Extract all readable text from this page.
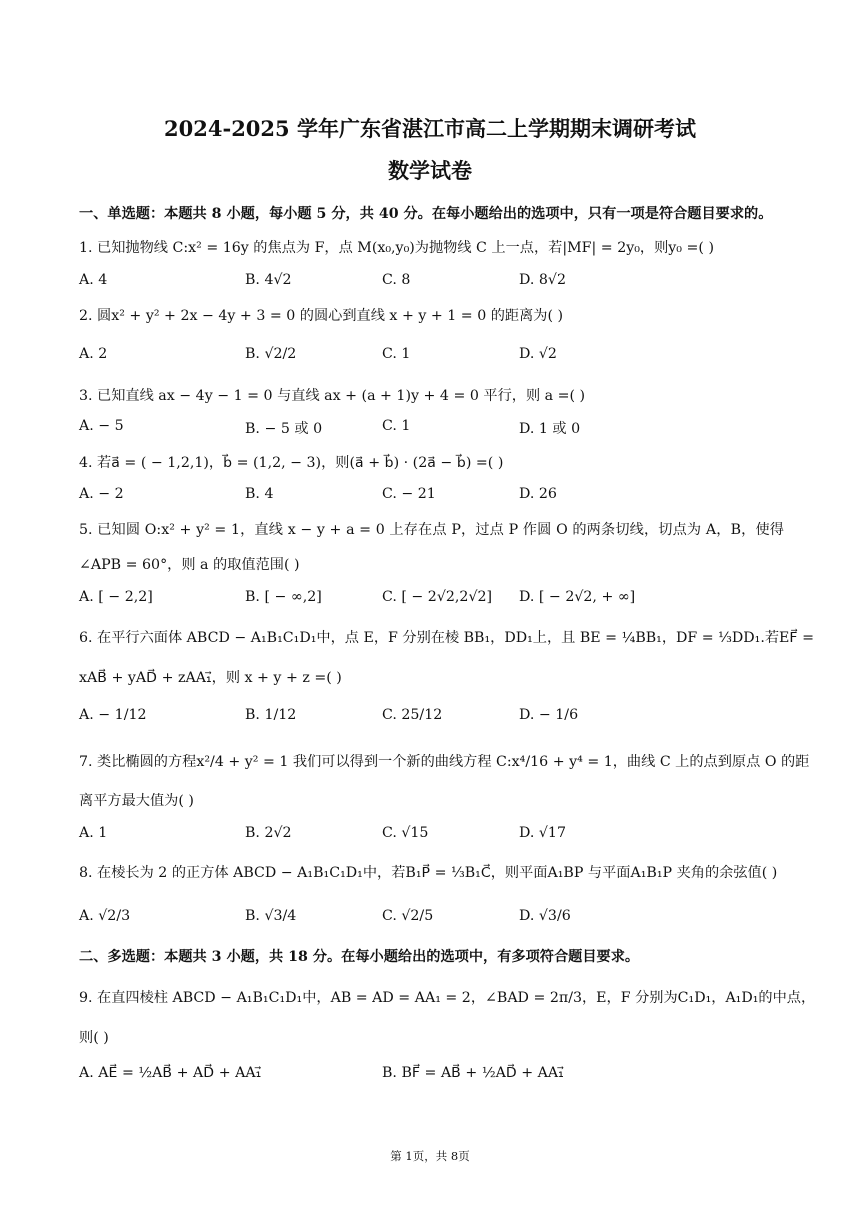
2024-2025 学年广东省湛江市高二上学期期末调研考试
数学试卷
一、单选题：本题共 8 小题，每小题 5 分，共 40 分。在每小题给出的选项中，只有一项是符合题目要求的。
1. 已知抛物线 C:x² = 16y 的焦点为 F，点 M(x₀,y₀)为抛物线 C 上一点，若|MF| = 2y₀，则y₀ =( )
A. 4	B. 4√2	C. 8	D. 8√2
2. 圆x² + y² + 2x − 4y + 3 = 0 的圆心到直线 x + y + 1 = 0 的距离为( )
A. 2	B. √2/2	C. 1	D. √2
3. 已知直线 ax − 4y − 1 = 0 与直线 ax + (a + 1)y + 4 = 0 平行，则 a =( )
A. − 5	B. − 5 或 0	C. 1	D. 1 或 0
4. 若a⃗ = ( − 1,2,1)，b⃗ = (1,2, − 3)，则(a⃗ + b⃗) · (2a⃗ − b⃗) =( )
A. − 2	B. 4	C. − 21	D. 26
5. 已知圆 O:x² + y² = 1，直线 x − y + a = 0 上存在点 P，过点 P 作圆 O 的两条切线，切点为 A，B，使得
∠APB = 60°，则 a 的取值范围( )
A. [ − 2,2]	B. [ − ∞,2]	C. [ − 2√2,2√2] D. [ − 2√2, + ∞]
6. 在平行六面体 ABCD − A₁B₁C₁D₁中，点 E，F 分别在棱 BB₁，DD₁上，且 BE = ¼BB₁，DF = ⅓DD₁.若EF⃗ =
xAB⃗ + yAD⃗ + zAA₁⃗，则 x + y + z =( )
A. − 1/12	B. 1/12	C. 25/12	D. − 1/6
7. 类比椭圆的方程x²/4 + y² = 1 我们可以得到一个新的曲线方程 C:x⁴/16 + y⁴ = 1，曲线 C 上的点到原点 O 的距
离平方最大值为( )
A. 1	B. 2√2	C. √15	D. √17
8. 在棱长为 2 的正方体 ABCD − A₁B₁C₁D₁中，若B₁P⃗ = ⅓B₁C⃗，则平面A₁BP 与平面A₁B₁P 夹角的余弦值( )
A. √2/3	B. √3/4	C. √2/5	D. √3/6
二、多选题：本题共 3 小题，共 18 分。在每小题给出的选项中，有多项符合题目要求。
9. 在直四棱柱 ABCD − A₁B₁C₁D₁中，AB = AD = AA₁ = 2，∠BAD = 2π/3，E，F 分别为C₁D₁，A₁D₁的中点，
则( )
A. AE⃗ = ½AB⃗ + AD⃗ + AA₁⃗	B. BF⃗ = AB⃗ + ½AD⃗ + AA₁⃗
第 1页，共 8页
